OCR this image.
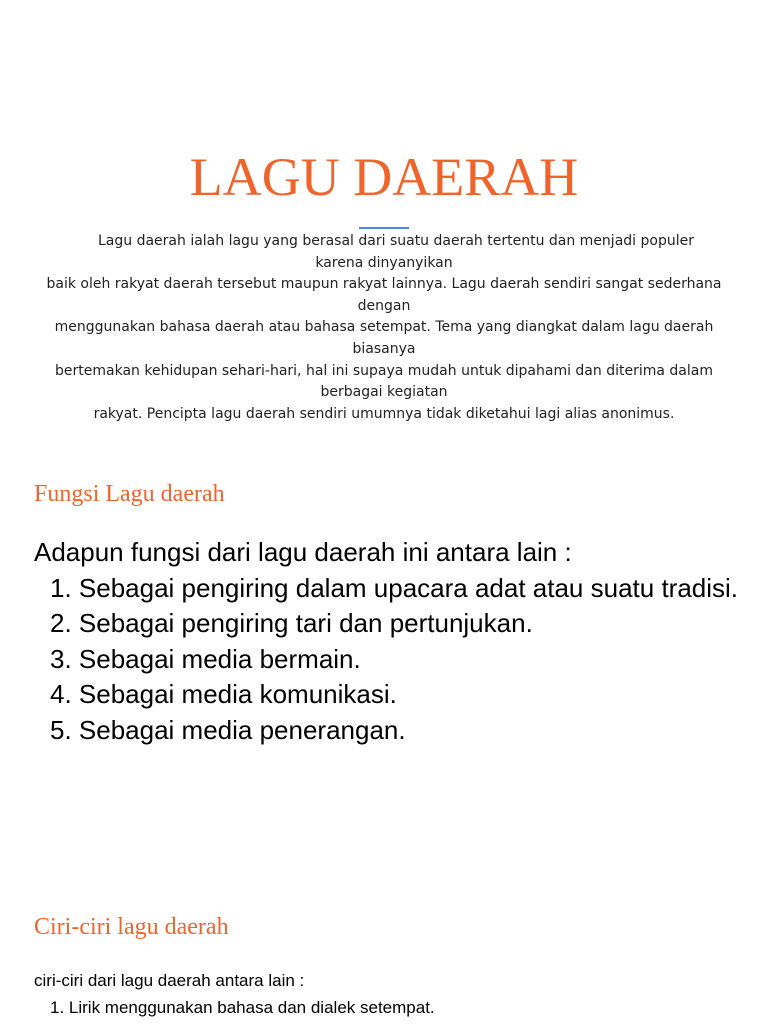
LAGU DAERAH
Lagu daerah ialah lagu yang berasal dari suatu daerah tertentu dan menjadi populer
karena dinyanyikan
baik oleh rakyat daerah tersebut maupun rakyat lainnya. Lagu daerah sendiri sangat sederhana
dengan
menggunakan bahasa daerah atau bahasa setempat. Tema yang diangkat dalam lagu daerah
biasanya
bertemakan kehidupan sehari-hari, hal ini supaya mudah untuk dipahami dan diterima dalam
berbagai kegiatan
rakyat. Pencipta lagu daerah sendiri umumnya tidak diketahui lagi alias anonimus.
Fungsi Lagu daerah
Adapun fungsi dari lagu daerah ini antara lain :
1. Sebagai pengiring dalam upacara adat atau suatu tradisi.
2. Sebagai pengiring tari dan pertunjukan.
3. Sebagai media bermain.
4. Sebagai media komunikasi.
5. Sebagai media penerangan.
Ciri-ciri lagu daerah
ciri-ciri dari lagu daerah antara lain :
1. Lirik menggunakan bahasa dan dialek setempat.
